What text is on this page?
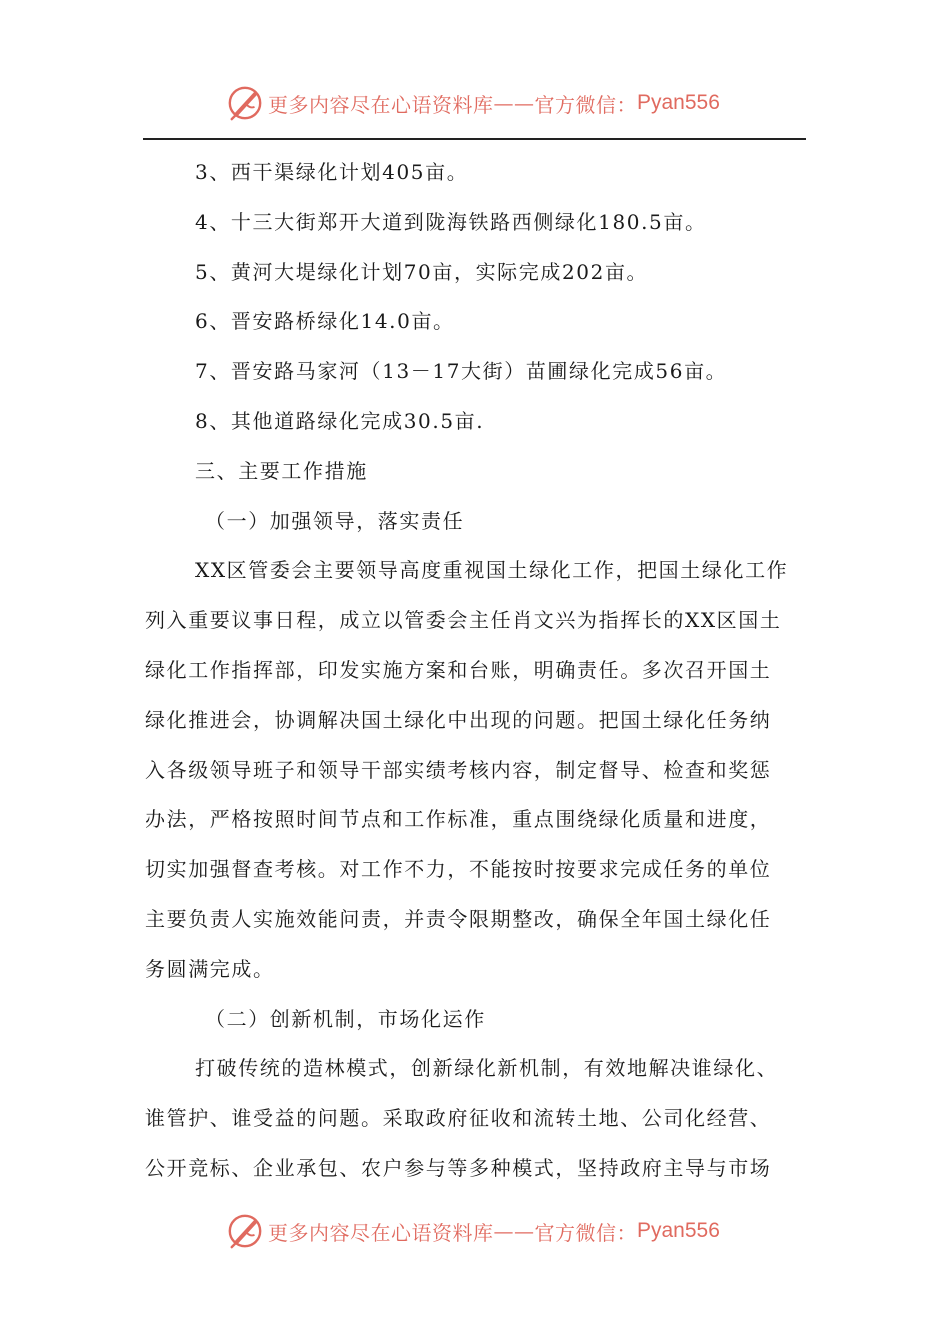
更多内容尽在心语资料库 —— 官方微信： Pyan556
3、西干渠绿化计划405亩。
4、十三大街郑开大道到陇海铁路西侧绿化180.5亩。
5、黄河大堤绿化计划70亩，实际完成202亩。
6、晋安路桥绿化14.0亩。
7、晋安路马家河（13－17大街）苗圃绿化完成56亩。
8、其他道路绿化完成30.5亩.
三、主要工作措施
（一）加强领导，落实责任
XX区管委会主要领导高度重视国土绿化工作，把国土绿化工作
列入重要议事日程，成立以管委会主任肖文兴为指挥长的XX区国土
绿化工作指挥部，印发实施方案和台账，明确责任。多次召开国土
绿化推进会，协调解决国土绿化中出现的问题。把国土绿化任务纳
入各级领导班子和领导干部实绩考核内容，制定督导、检查和奖惩
办法，严格按照时间节点和工作标准，重点围绕绿化质量和进度，
切实加强督查考核。对工作不力，不能按时按要求完成任务的单位
主要负责人实施效能问责，并责令限期整改，确保全年国土绿化任
务圆满完成。
（二）创新机制，市场化运作
打破传统的造林模式，创新绿化新机制，有效地解决谁绿化、
谁管护、谁受益的问题。采取政府征收和流转土地、公司化经营、
公开竞标、企业承包、农户参与等多种模式，坚持政府主导与市场
更多内容尽在心语资料库 —— 官方微信： Pyan556
